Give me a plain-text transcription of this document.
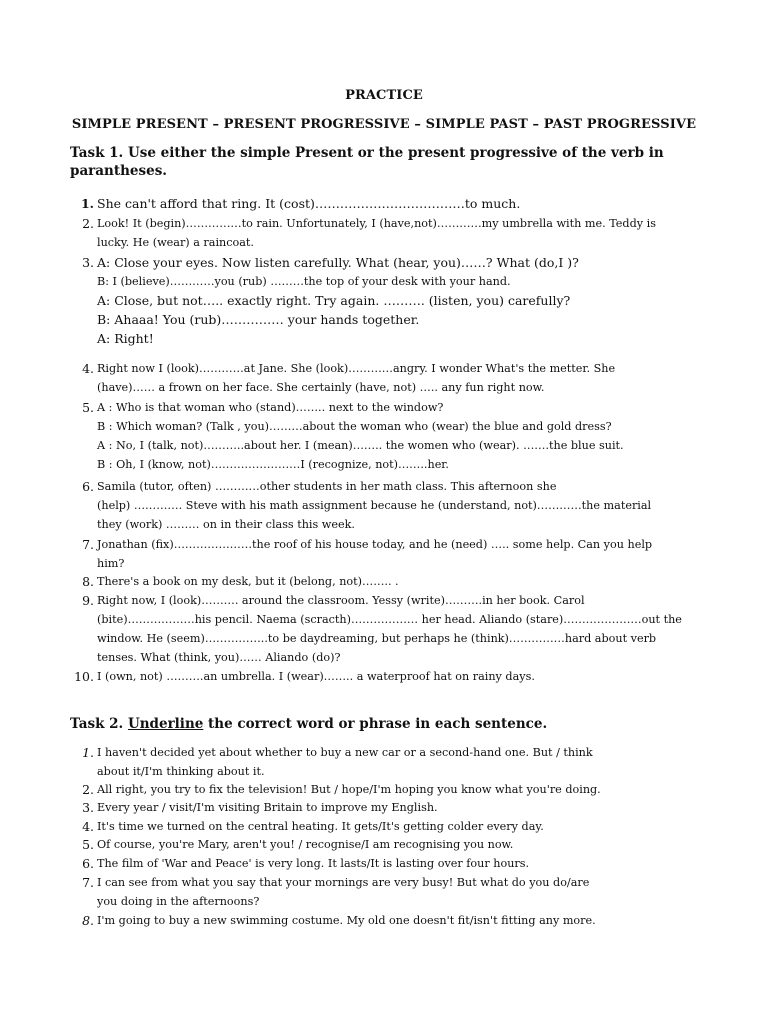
PRACTICE
SIMPLE PRESENT – PRESENT PROGRESSIVE – SIMPLE PAST – PAST PROGRESSIVE
Task 1. Use either the simple Present or the present progressive of the verb in parantheses.
1. She can't afford that ring. It (cost)………………………………to much.
2. Look! It (begin)……………to rain. Unfortunately, I (have,not)…………my umbrella with me. Teddy is
lucky. He (wear) a raincoat.
3. A: Close your eyes. Now listen carefully. What (hear, you)……? What (do,I )?
B: I (believe)…………you (rub) ………the top of your desk with your hand.
A: Close, but not….. exactly right. Try again. ………. (listen, you) carefully?
B: Ahaaa! You (rub)…………… your hands together.
A: Right!
4. Right now I (look)…………at Jane. She (look)…………angry. I wonder What's the metter. She
(have)…… a frown on her face. She certainly (have, not) ….. any fun right now.
5. A : Who is that woman who (stand)…….. next to the window?
B : Which woman? (Talk , you)………about the woman who (wear) the blue and gold dress?
A : No, I (talk, not)………..about her. I (mean)…….. the women who (wear). …….the blue suit.
B : Oh, I (know, not)……………………I (recognize, not)……..her.
6. Samila (tutor, often) …………other students in her math class. This afternoon she
(help) …………. Steve with his math assignment because he (understand, not)…………the material
they (work) ……… on in their class this week.
7. Jonathan (fix)…………………the roof of his house today, and he (need) ….. some help. Can you help
him?
8. There's a book on my desk, but it (belong, not)…….. .
9. Right now, I (look)………. around the classroom. Yessy (write)……….in her book. Carol
(bite)………………his pencil. Naema (scracth)……………… her head. Aliando (stare)…………………out the
window. He (seem)……………..to be daydreaming, but perhaps he (think)……………hard about verb
tenses. What (think, you)…… Aliando (do)?
10. I (own, not) ……….an umbrella. I (wear)…….. a waterproof hat on rainy days.
Task 2. Underline the correct word or phrase in each sentence.
1. I haven't decided yet about whether to buy a new car or a second-hand one. But / think
about it/I'm thinking about it.
2. All right, you try to fix the television! But / hope/I'm hoping you know what you're doing.
3. Every year / visit/I'm visiting Britain to improve my English.
4. It's time we turned on the central heating. It gets/It's getting colder every day.
5. Of course, you're Mary, aren't you! / recognise/I am recognising you now.
6. The film of 'War and Peace' is very long. It lasts/It is lasting over four hours.
7. I can see from what you say that your mornings are very busy! But what do you do/are
you doing in the afternoons?
8. I'm going to buy a new swimming costume. My old one doesn't fit/isn't fitting any more.
